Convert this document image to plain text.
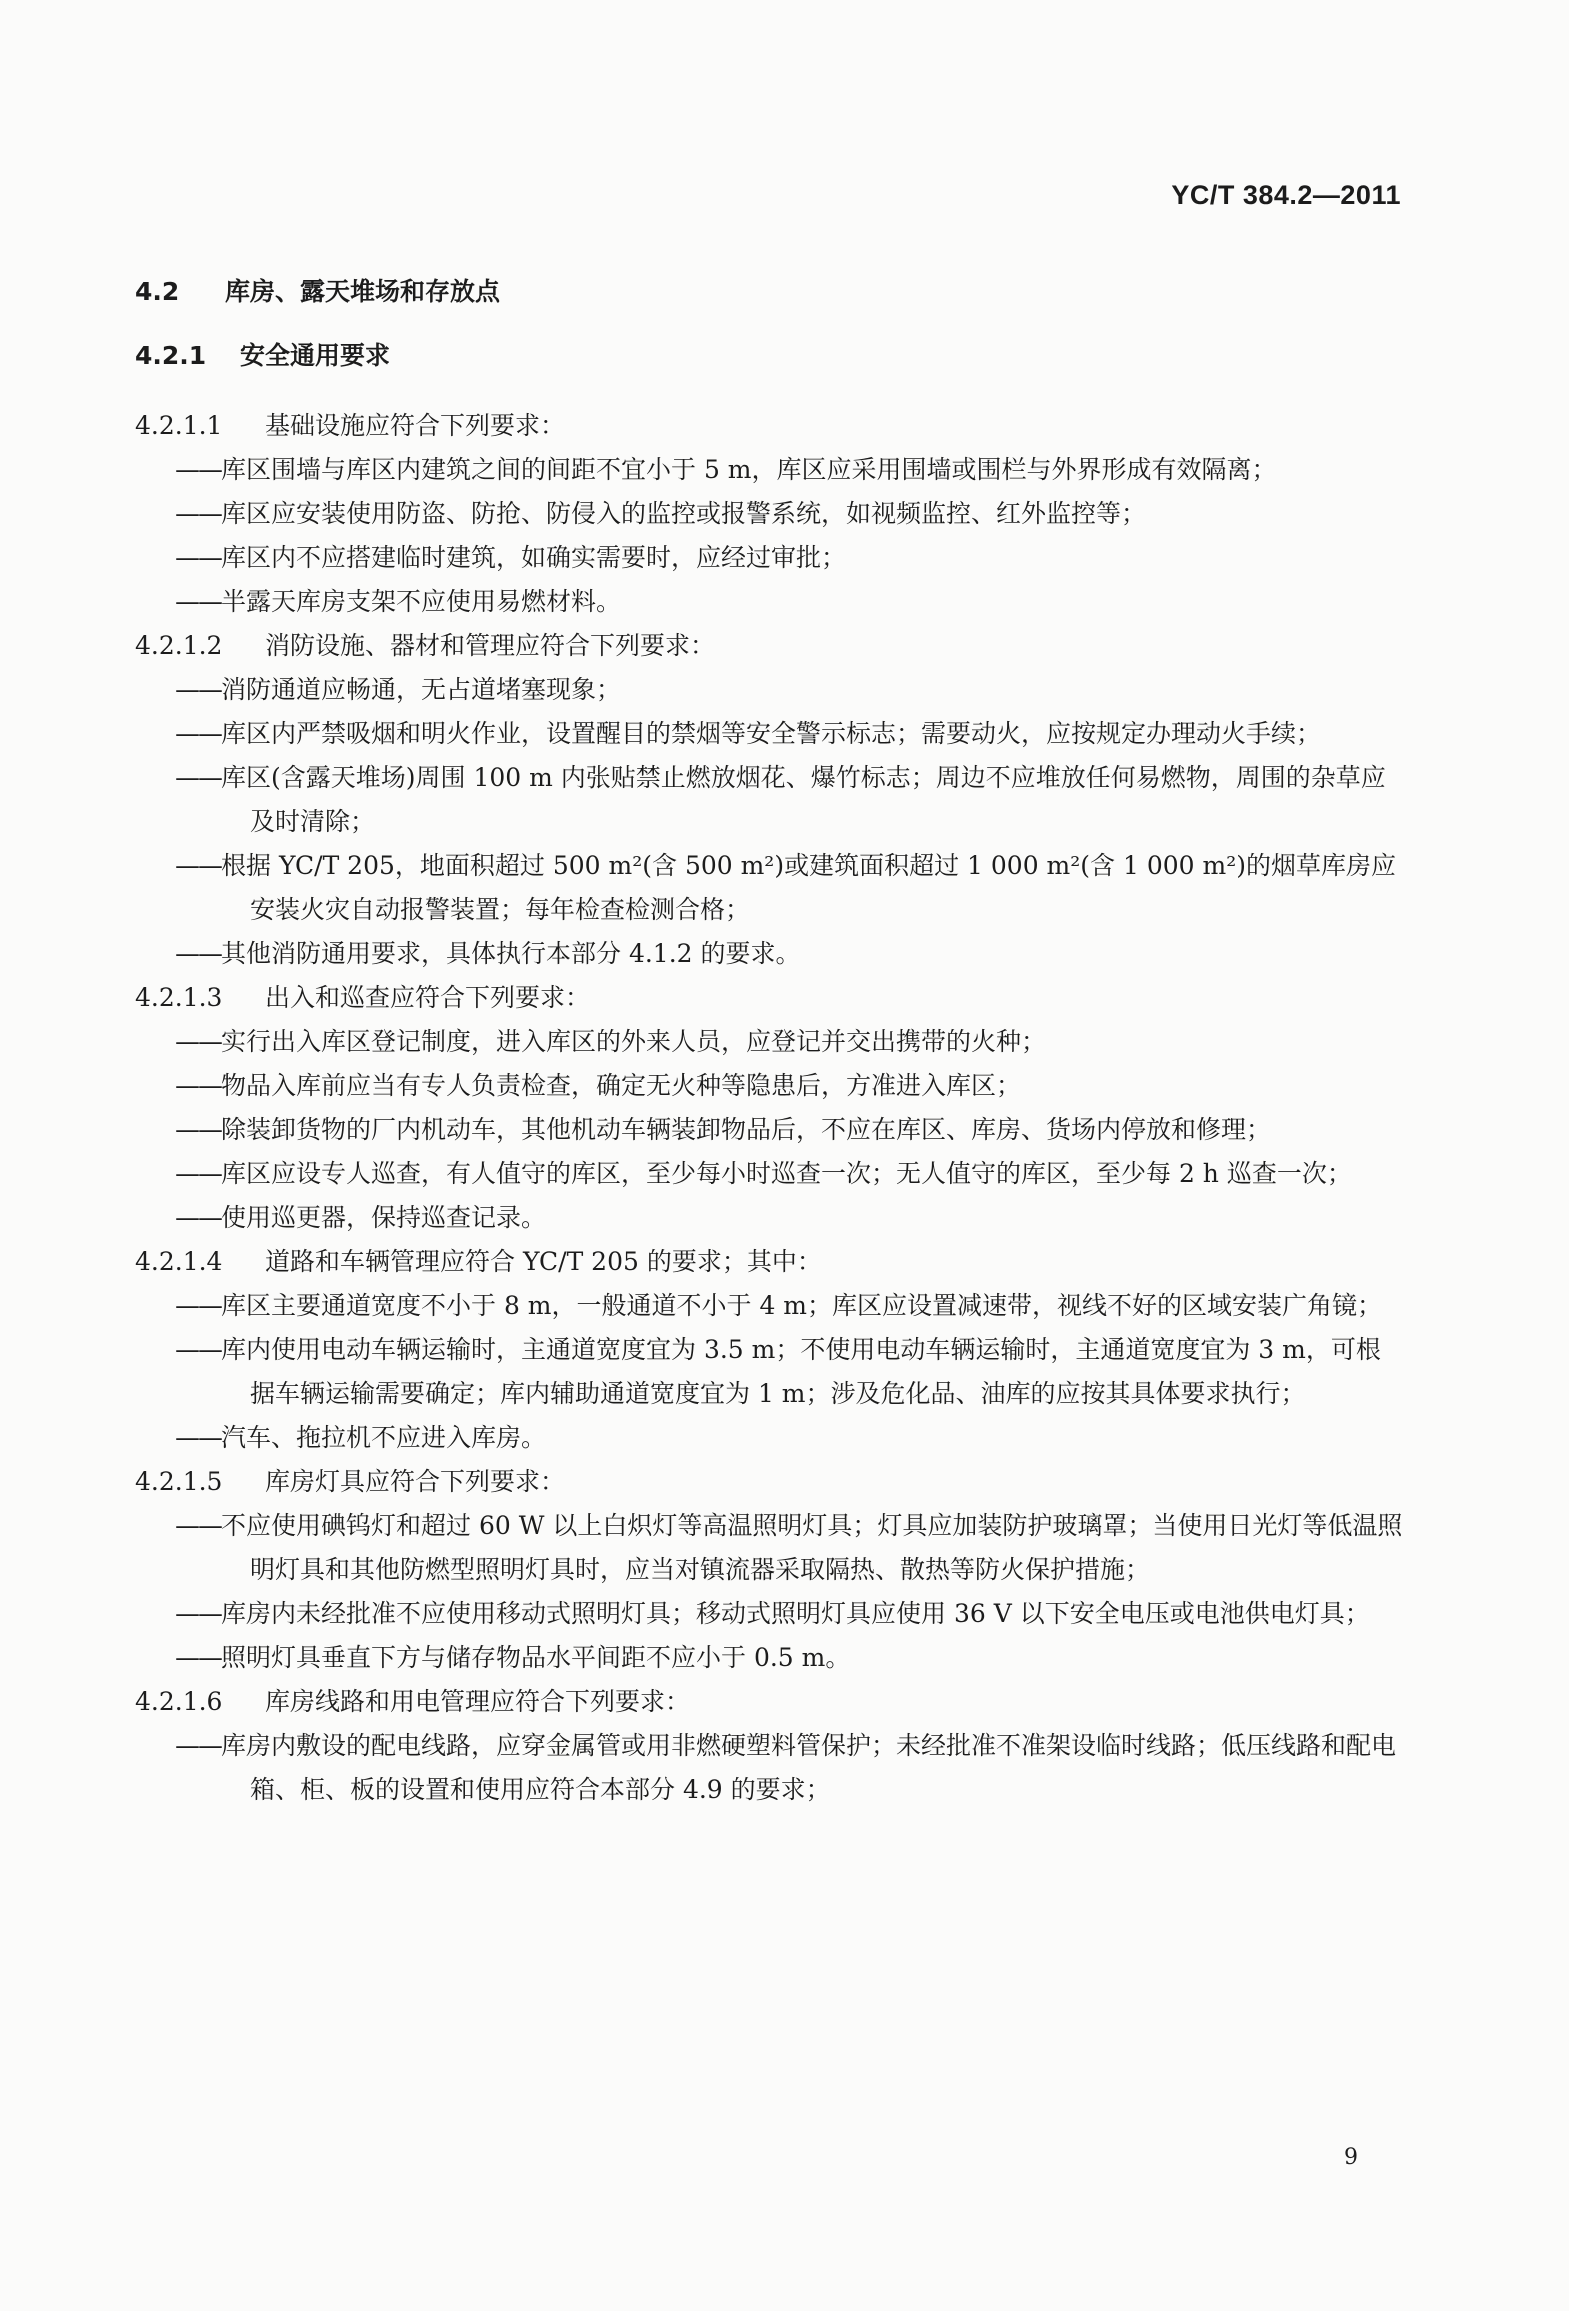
YC/T 384.2—2011
4.2 库房、露天堆场和存放点
4.2.1 安全通用要求
4.2.1.1 基础设施应符合下列要求：
——库区围墙与库区内建筑之间的间距不宜小于 5 m，库区应采用围墙或围栏与外界形成有效隔离；
——库区应安装使用防盗、防抢、防侵入的监控或报警系统，如视频监控、红外监控等；
——库区内不应搭建临时建筑，如确实需要时，应经过审批；
——半露天库房支架不应使用易燃材料。
4.2.1.2 消防设施、器材和管理应符合下列要求：
——消防通道应畅通，无占道堵塞现象；
——库区内严禁吸烟和明火作业，设置醒目的禁烟等安全警示标志；需要动火，应按规定办理动火手续；
——库区(含露天堆场)周围 100 m 内张贴禁止燃放烟花、爆竹标志；周边不应堆放任何易燃物，周围的杂草应及时清除；
——根据 YC/T 205，地面积超过 500 m²(含 500 m²)或建筑面积超过 1 000 m²(含 1 000 m²)的烟草库房应安装火灾自动报警装置；每年检查检测合格；
——其他消防通用要求，具体执行本部分 4.1.2 的要求。
4.2.1.3 出入和巡查应符合下列要求：
——实行出入库区登记制度，进入库区的外来人员，应登记并交出携带的火种；
——物品入库前应当有专人负责检查，确定无火种等隐患后，方准进入库区；
——除装卸货物的厂内机动车，其他机动车辆装卸物品后，不应在库区、库房、货场内停放和修理；
——库区应设专人巡查，有人值守的库区，至少每小时巡查一次；无人值守的库区，至少每 2 h 巡查一次；
——使用巡更器，保持巡查记录。
4.2.1.4 道路和车辆管理应符合 YC/T 205 的要求；其中：
——库区主要通道宽度不小于 8 m，一般通道不小于 4 m；库区应设置减速带，视线不好的区域安装广角镜；
——库内使用电动车辆运输时，主通道宽度宜为 3.5 m；不使用电动车辆运输时，主通道宽度宜为 3 m，可根据车辆运输需要确定；库内辅助通道宽度宜为 1 m；涉及危化品、油库的应按其具体要求执行；
——汽车、拖拉机不应进入库房。
4.2.1.5 库房灯具应符合下列要求：
——不应使用碘钨灯和超过 60 W 以上白炽灯等高温照明灯具；灯具应加装防护玻璃罩；当使用日光灯等低温照明灯具和其他防燃型照明灯具时，应当对镇流器采取隔热、散热等防火保护措施；
——库房内未经批准不应使用移动式照明灯具；移动式照明灯具应使用 36 V 以下安全电压或电池供电灯具；
——照明灯具垂直下方与储存物品水平间距不应小于 0.5 m。
4.2.1.6 库房线路和用电管理应符合下列要求：
——库房内敷设的配电线路，应穿金属管或用非燃硬塑料管保护；未经批准不准架设临时线路；低压线路和配电箱、柜、板的设置和使用应符合本部分 4.9 的要求；
9
